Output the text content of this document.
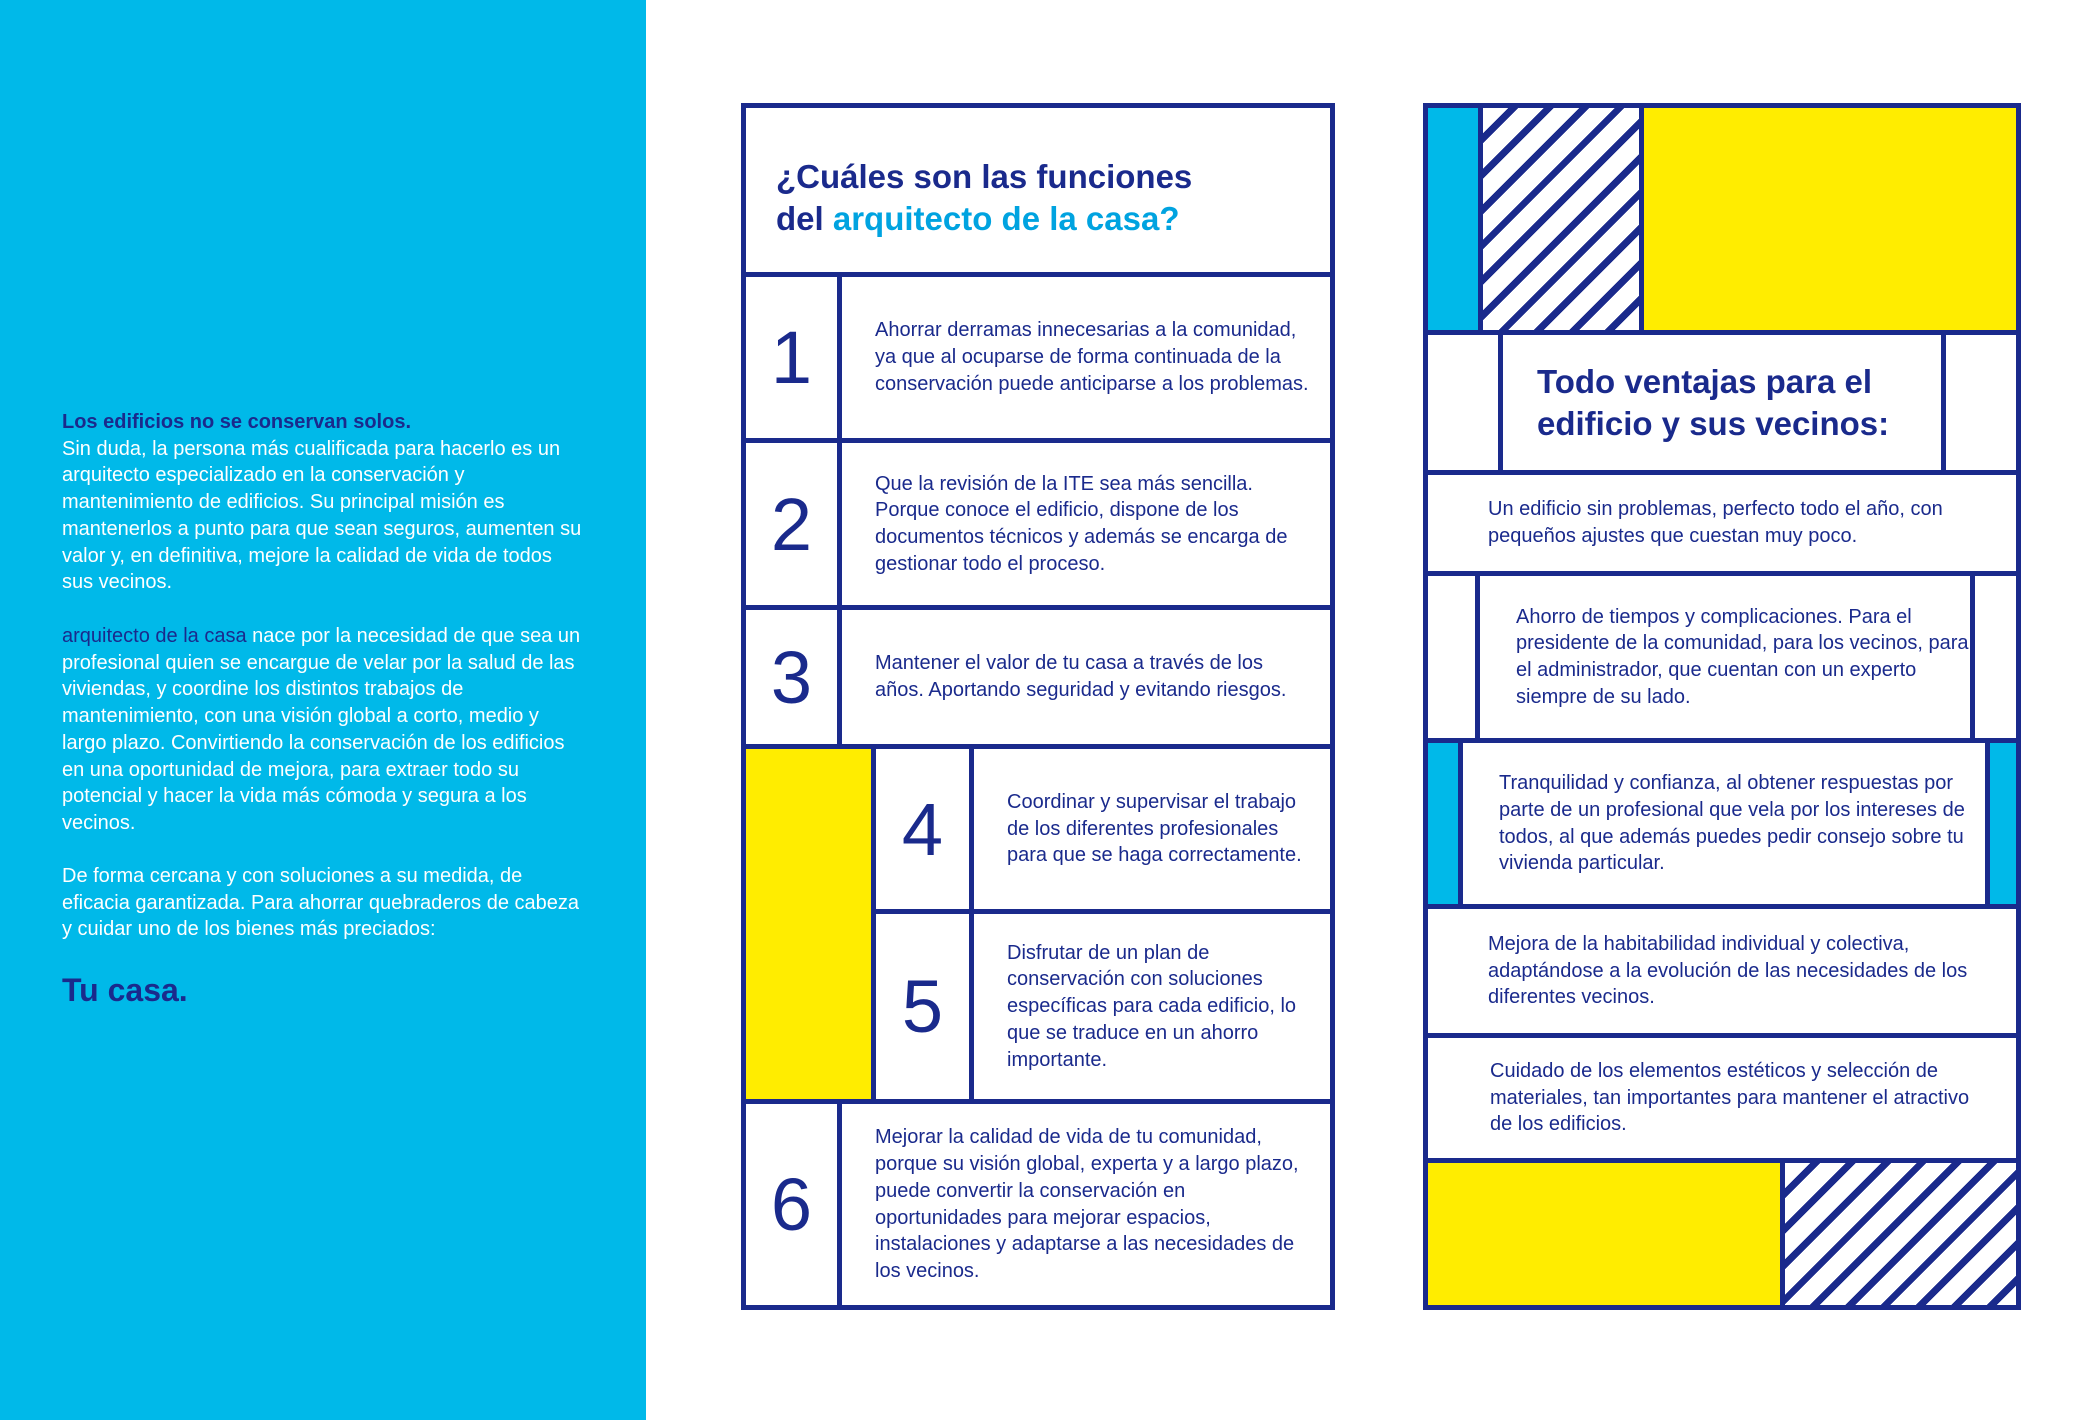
Los edificios no se conservan solos.
Sin duda, la persona más cualificada para hacerlo es un arquitecto especializado en la conservación y mantenimiento de edificios. Su principal misión es mantenerlos a punto para que sean seguros, aumenten su valor y, en definitiva, mejore la calidad de vida de todos sus vecinos.

arquitecto de la casa nace por la necesidad de que sea un profesional quien se encargue de velar por la salud de las viviendas, y coordine los distintos trabajos de mantenimiento, con una visión global a corto, medio y largo plazo. Convirtiendo la conservación de los edificios en una oportunidad de mejora, para extraer todo su potencial y hacer la vida más cómoda y segura a los vecinos.

De forma cercana y con soluciones a su medida, de eficacia garantizada. Para ahorrar quebraderos de cabeza y cuidar uno de los bienes más preciados:

Tu casa.

¿Cuáles son las funciones
del arquitecto de la casa?
1	Ahorrar derramas innecesarias a la comunidad, ya que al ocuparse de forma continuada de la conservación puede anticiparse a los problemas.

2	Que la revisión de la ITE sea más sencilla. Porque conoce el edificio, dispone de los documentos técnicos y además se encarga de gestionar todo el proceso.

3	Mantener el valor de tu casa a través de los años. Aportando seguridad y evitando riesgos.

4	Coordinar y supervisar el trabajo de los diferentes profesionales para que se haga correctamente.

5

Disfrutar de un plan de conservación con soluciones específicas para cada edificio, lo que se traduce en un ahorro importante.

6

Mejorar la calidad de vida de tu comunidad, porque su visión global, experta y a largo plazo, puede convertir la conservación en oportunidades para mejorar espacios, instalaciones y adaptarse a las necesidades de los vecinos.

Todo ventajas para el edificio y sus vecinos:

Un edificio sin problemas, perfecto todo el año, con pequeños ajustes que cuestan muy poco.

Ahorro de tiempos y complicaciones. Para el presidente de la comunidad, para los vecinos, para el administrador, que cuentan con un experto siempre de su lado.

Tranquilidad y confianza, al obtener respuestas por parte de un profesional que vela por los intereses de todos, al que además puedes pedir consejo sobre tu vivienda particular.

Mejora de la habitabilidad individual y colectiva, adaptándose a la evolución de las necesidades de los diferentes vecinos.

Cuidado de los elementos estéticos y selección de materiales, tan importantes para mantener el atractivo de los edificios.
